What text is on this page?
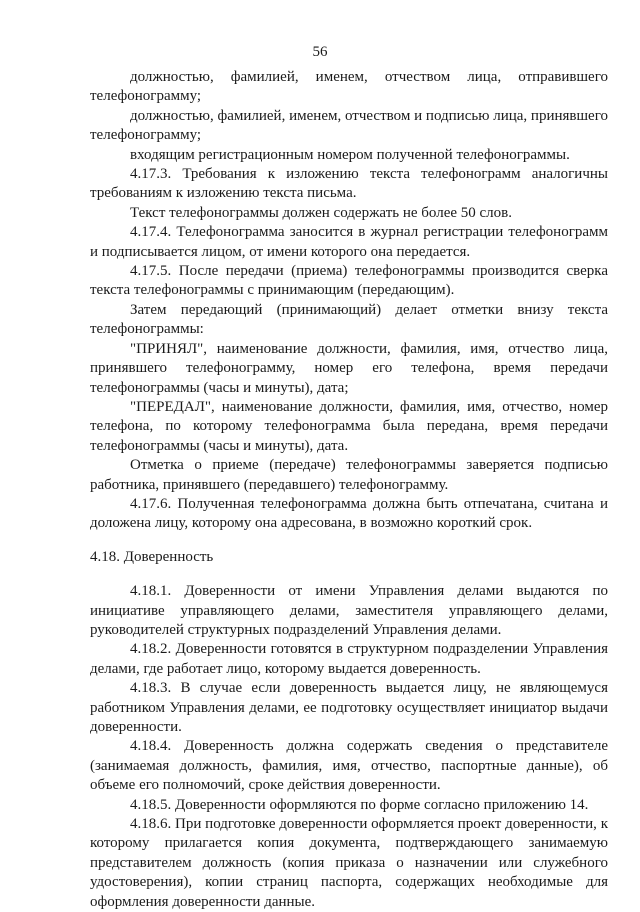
56

должностью, фамилией, именем, отчеством лица, отправившего телефонограмму;

должностью, фамилией, именем, отчеством и подписью лица, принявшего телефонограмму;

входящим регистрационным номером полученной телефонограммы.

4.17.3. Требования к изложению текста телефонограмм аналогичны требованиям к изложению текста письма.

Текст телефонограммы должен содержать не более 50 слов.

4.17.4. Телефонограмма заносится в журнал регистрации телефонограмм и подписывается лицом, от имени которого она передается.

4.17.5. После передачи (приема) телефонограммы производится сверка текста телефонограммы с принимающим (передающим).

Затем передающий (принимающий) делает отметки внизу текста телефонограммы:

"ПРИНЯЛ", наименование должности, фамилия, имя, отчество лица, принявшего телефонограмму, номер его телефона, время передачи телефонограммы (часы и минуты), дата;

"ПЕРЕДАЛ", наименование должности, фамилия, имя, отчество, номер телефона, по которому телефонограмма была передана, время передачи телефонограммы (часы и минуты), дата.

Отметка о приеме (передаче) телефонограммы заверяется подписью работника, принявшего (передавшего) телефонограмму.

4.17.6. Полученная телефонограмма должна быть отпечатана, считана и доложена лицу, которому она адресована, в возможно короткий срок.

4.18. Доверенность

4.18.1. Доверенности от имени Управления делами выдаются по инициативе управляющего делами, заместителя управляющего делами, руководителей структурных подразделений Управления делами.

4.18.2. Доверенности готовятся в структурном подразделении Управления делами, где работает лицо, которому выдается доверенность.

4.18.3. В случае если доверенность выдается лицу, не являющемуся работником Управления делами, ее подготовку осуществляет инициатор выдачи доверенности.

4.18.4. Доверенность должна содержать сведения о представителе (занимаемая должность, фамилия, имя, отчество, паспортные данные), об объеме его полномочий, сроке действия доверенности.

4.18.5. Доверенности оформляются по форме согласно приложению 14.

4.18.6. При подготовке доверенности оформляется проект доверенности, к которому прилагается копия документа, подтверждающего занимаемую представителем должность (копия приказа о назначении или служебного удостоверения), копии страниц паспорта, содержащих необходимые для оформления доверенности данные.
